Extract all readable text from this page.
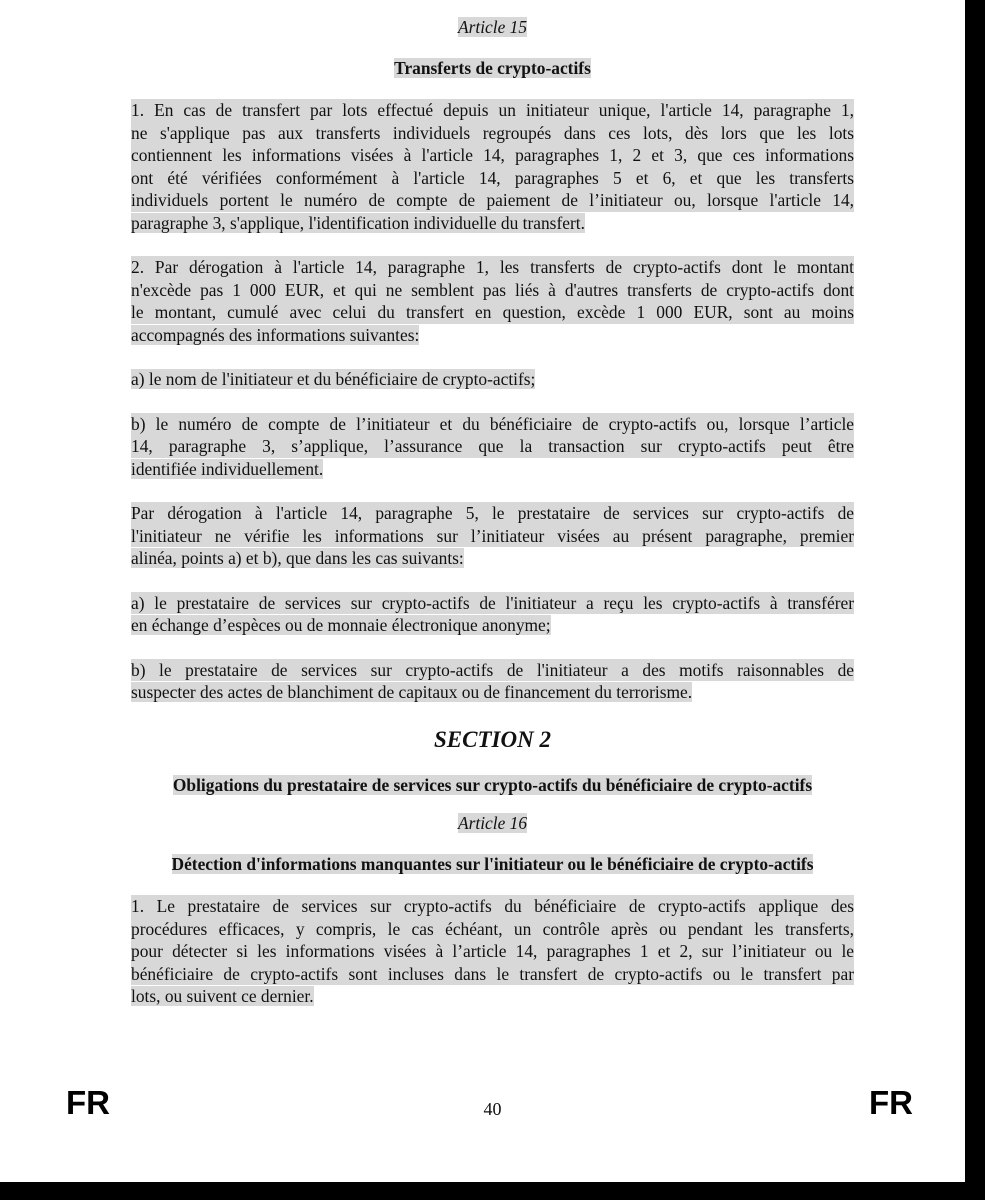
Article 15

Transferts de crypto-actifs

1. En cas de transfert par lots effectué depuis un initiateur unique, l'article 14, paragraphe 1,
ne s'applique pas aux transferts individuels regroupés dans ces lots, dès lors que les lots
contiennent les informations visées à l'article 14, paragraphes 1, 2 et 3, que ces informations
ont été vérifiées conformément à l'article 14, paragraphes 5 et 6, et que les transferts
individuels portent le numéro de compte de paiement de l’initiateur ou, lorsque l'article 14,
paragraphe 3, s'applique, l'identification individuelle du transfert.
2. Par dérogation à l'article 14, paragraphe 1, les transferts de crypto-actifs dont le montant
n'excède pas 1 000 EUR, et qui ne semblent pas liés à d'autres transferts de crypto-actifs dont
le montant, cumulé avec celui du transfert en question, excède 1 000 EUR, sont au moins
accompagnés des informations suivantes:
a) le nom de l'initiateur et du bénéficiaire de crypto-actifs;
b) le numéro de compte de l’initiateur et du bénéficiaire de crypto-actifs ou, lorsque l’article
14, paragraphe 3, s’applique, l’assurance que la transaction sur crypto-actifs peut être
identifiée individuellement.
Par dérogation à l'article 14, paragraphe 5, le prestataire de services sur crypto-actifs de
l'initiateur ne vérifie les informations sur l’initiateur visées au présent paragraphe, premier
alinéa, points a) et b), que dans les cas suivants:
a) le prestataire de services sur crypto-actifs de l'initiateur a reçu les crypto-actifs à transférer
en échange d’espèces ou de monnaie électronique anonyme;
b) le prestataire de services sur crypto-actifs de l'initiateur a des motifs raisonnables de
suspecter des actes de blanchiment de capitaux ou de financement du terrorisme.

SECTION 2

Obligations du prestataire de services sur crypto-actifs du bénéficiaire de crypto-actifs

Article 16

Détection d'informations manquantes sur l'initiateur ou le bénéficiaire de crypto-actifs

1. Le prestataire de services sur crypto-actifs du bénéficiaire de crypto-actifs applique des
procédures efficaces, y compris, le cas échéant, un contrôle après ou pendant les transferts,
pour détecter si les informations visées à l’article 14, paragraphes 1 et 2, sur l’initiateur ou le
bénéficiaire de crypto-actifs sont incluses dans le transfert de crypto-actifs ou le transfert par
lots, ou suivent ce dernier.
FR	40	FR
